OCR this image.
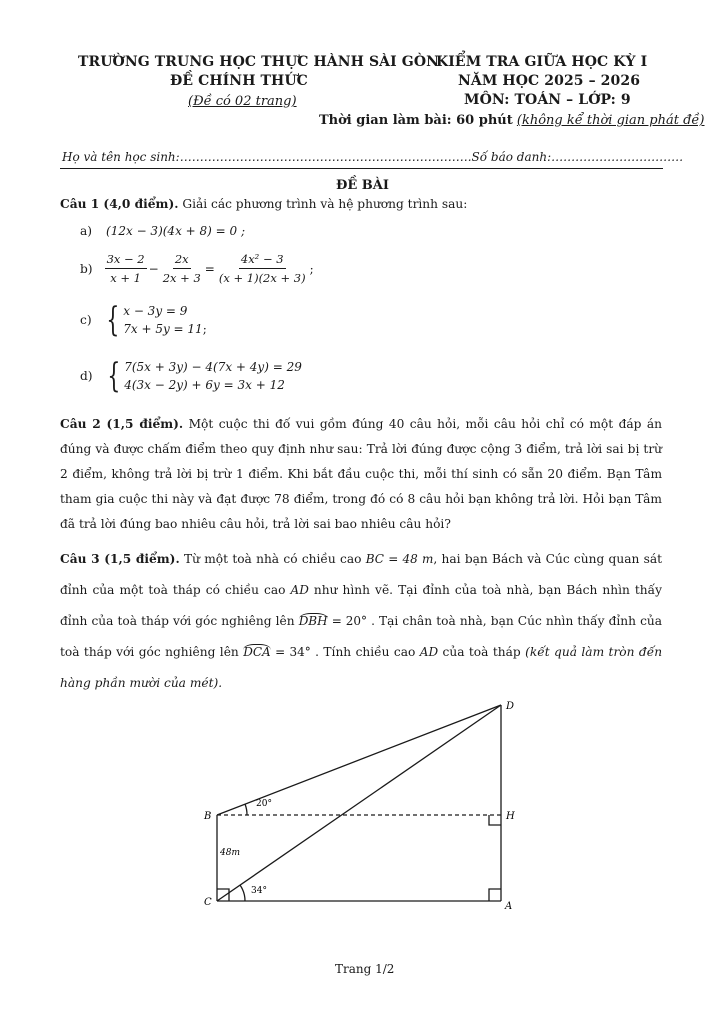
TRƯỜNG TRUNG HỌC THỰC HÀNH SÀI GÒN
ĐỀ CHÍNH THỨC
(Đề có 02 trang)
KIỂM TRA GIỮA HỌC KỲ I
NĂM HỌC 2025 – 2026
MÔN: TOÁN – LỚP: 9
Thời gian làm bài: 60 phút (không kể thời gian phát đề)
Họ và tên học sinh:……………………………………………………………….Số báo danh:……………………………
ĐỀ BÀI
Câu 1 (4,0 điểm). Giải các phương trình và hệ phương trình sau:
a) (12x − 3)(4x + 8) = 0 ;
$b) \frac{3x - 2}{x + 1} - \frac{2x}{2x + 3} = \frac{\text{4x² − 3}}{(x + 1)(2x + 3)}$ ;
c) { x − 3y = 9
7x + 5y = 11 ;
d) { 7(5x + 3y) − 4(7x + 4y) = 29
4(3x − 2y) + 6y = 3x + 12
Câu 2 (1,5 điểm). Một cuộc thi đố vui gồm đúng 40 câu hỏi, mỗi câu hỏi chỉ có một đáp án đúng và được chấm điểm theo quy định như sau: Trả lời đúng được cộng 3 điểm, trả lời sai bị trừ 2 điểm, không trả lời bị trừ 1 điểm. Khi bắt đầu cuộc thi, mỗi thí sinh có sẵn 20 điểm. Bạn Tâm tham gia cuộc thi này và đạt được 78 điểm, trong đó có 8 câu hỏi bạn không trả lời. Hỏi bạn Tâm đã trả lời đúng bao nhiêu câu hỏi, trả lời sai bao nhiêu câu hỏi?
Câu 3 (1,5 điểm). Từ một toà nhà có chiều cao BC = 48 m, hai bạn Bách và Cúc cùng quan sát đỉnh của một toà tháp có chiều cao AD như hình vẽ. Tại đỉnh của toà nhà, bạn Bách nhìn thấy đỉnh của toà tháp với góc nghiêng lên DBH = 20° . Tại chân toà nhà, bạn Cúc nhìn thấy đỉnh của toà tháp với góc nghiêng lên DCA = 34° . Tính chiều cao AD của toà tháp (kết quả làm tròn đến hàng phần mười của mét).
D
B	H
C	A
20°
34°
48m
Trang 1/2
